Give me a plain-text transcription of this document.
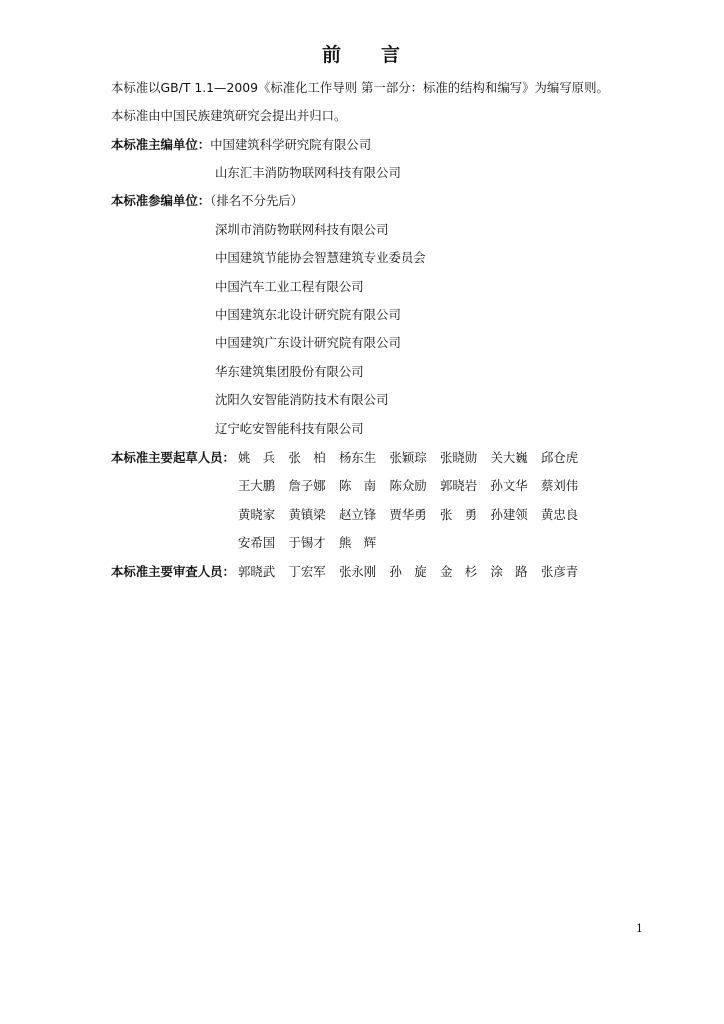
前 言
本标准以GB/T 1.1—2009《标准化工作导则 第一部分：标准的结构和编写》为编写原则。
本标准由中国民族建筑研究会提出并归口。
本标准主编单位：中国建筑科学研究院有限公司
山东汇丰消防物联网科技有限公司
本标准参编单位：（排名不分先后）
深圳市消防物联网科技有限公司
中国建筑节能协会智慧建筑专业委员会
中国汽车工业工程有限公司
中国建筑东北设计研究院有限公司
中国建筑广东设计研究院有限公司
华东建筑集团股份有限公司
沈阳久安智能消防技术有限公司
辽宁屹安智能科技有限公司
本标准主要起草人员： 姚　兵 张　柏 杨东生 张颖琮 张晓勋 关大巍 邱仓虎
王大鹏 詹子娜 陈　南 陈众励 郭晓岩 孙文华 蔡刘伟
黄晓家 黄镇梁 赵立锋 贾华勇 张　勇 孙建领 黄忠良
安希国 于锡才 熊　辉
本标准主要审查人员： 郭晓武 丁宏军 张永刚 孙　旋 金　杉 涂　路 张彦青
1
